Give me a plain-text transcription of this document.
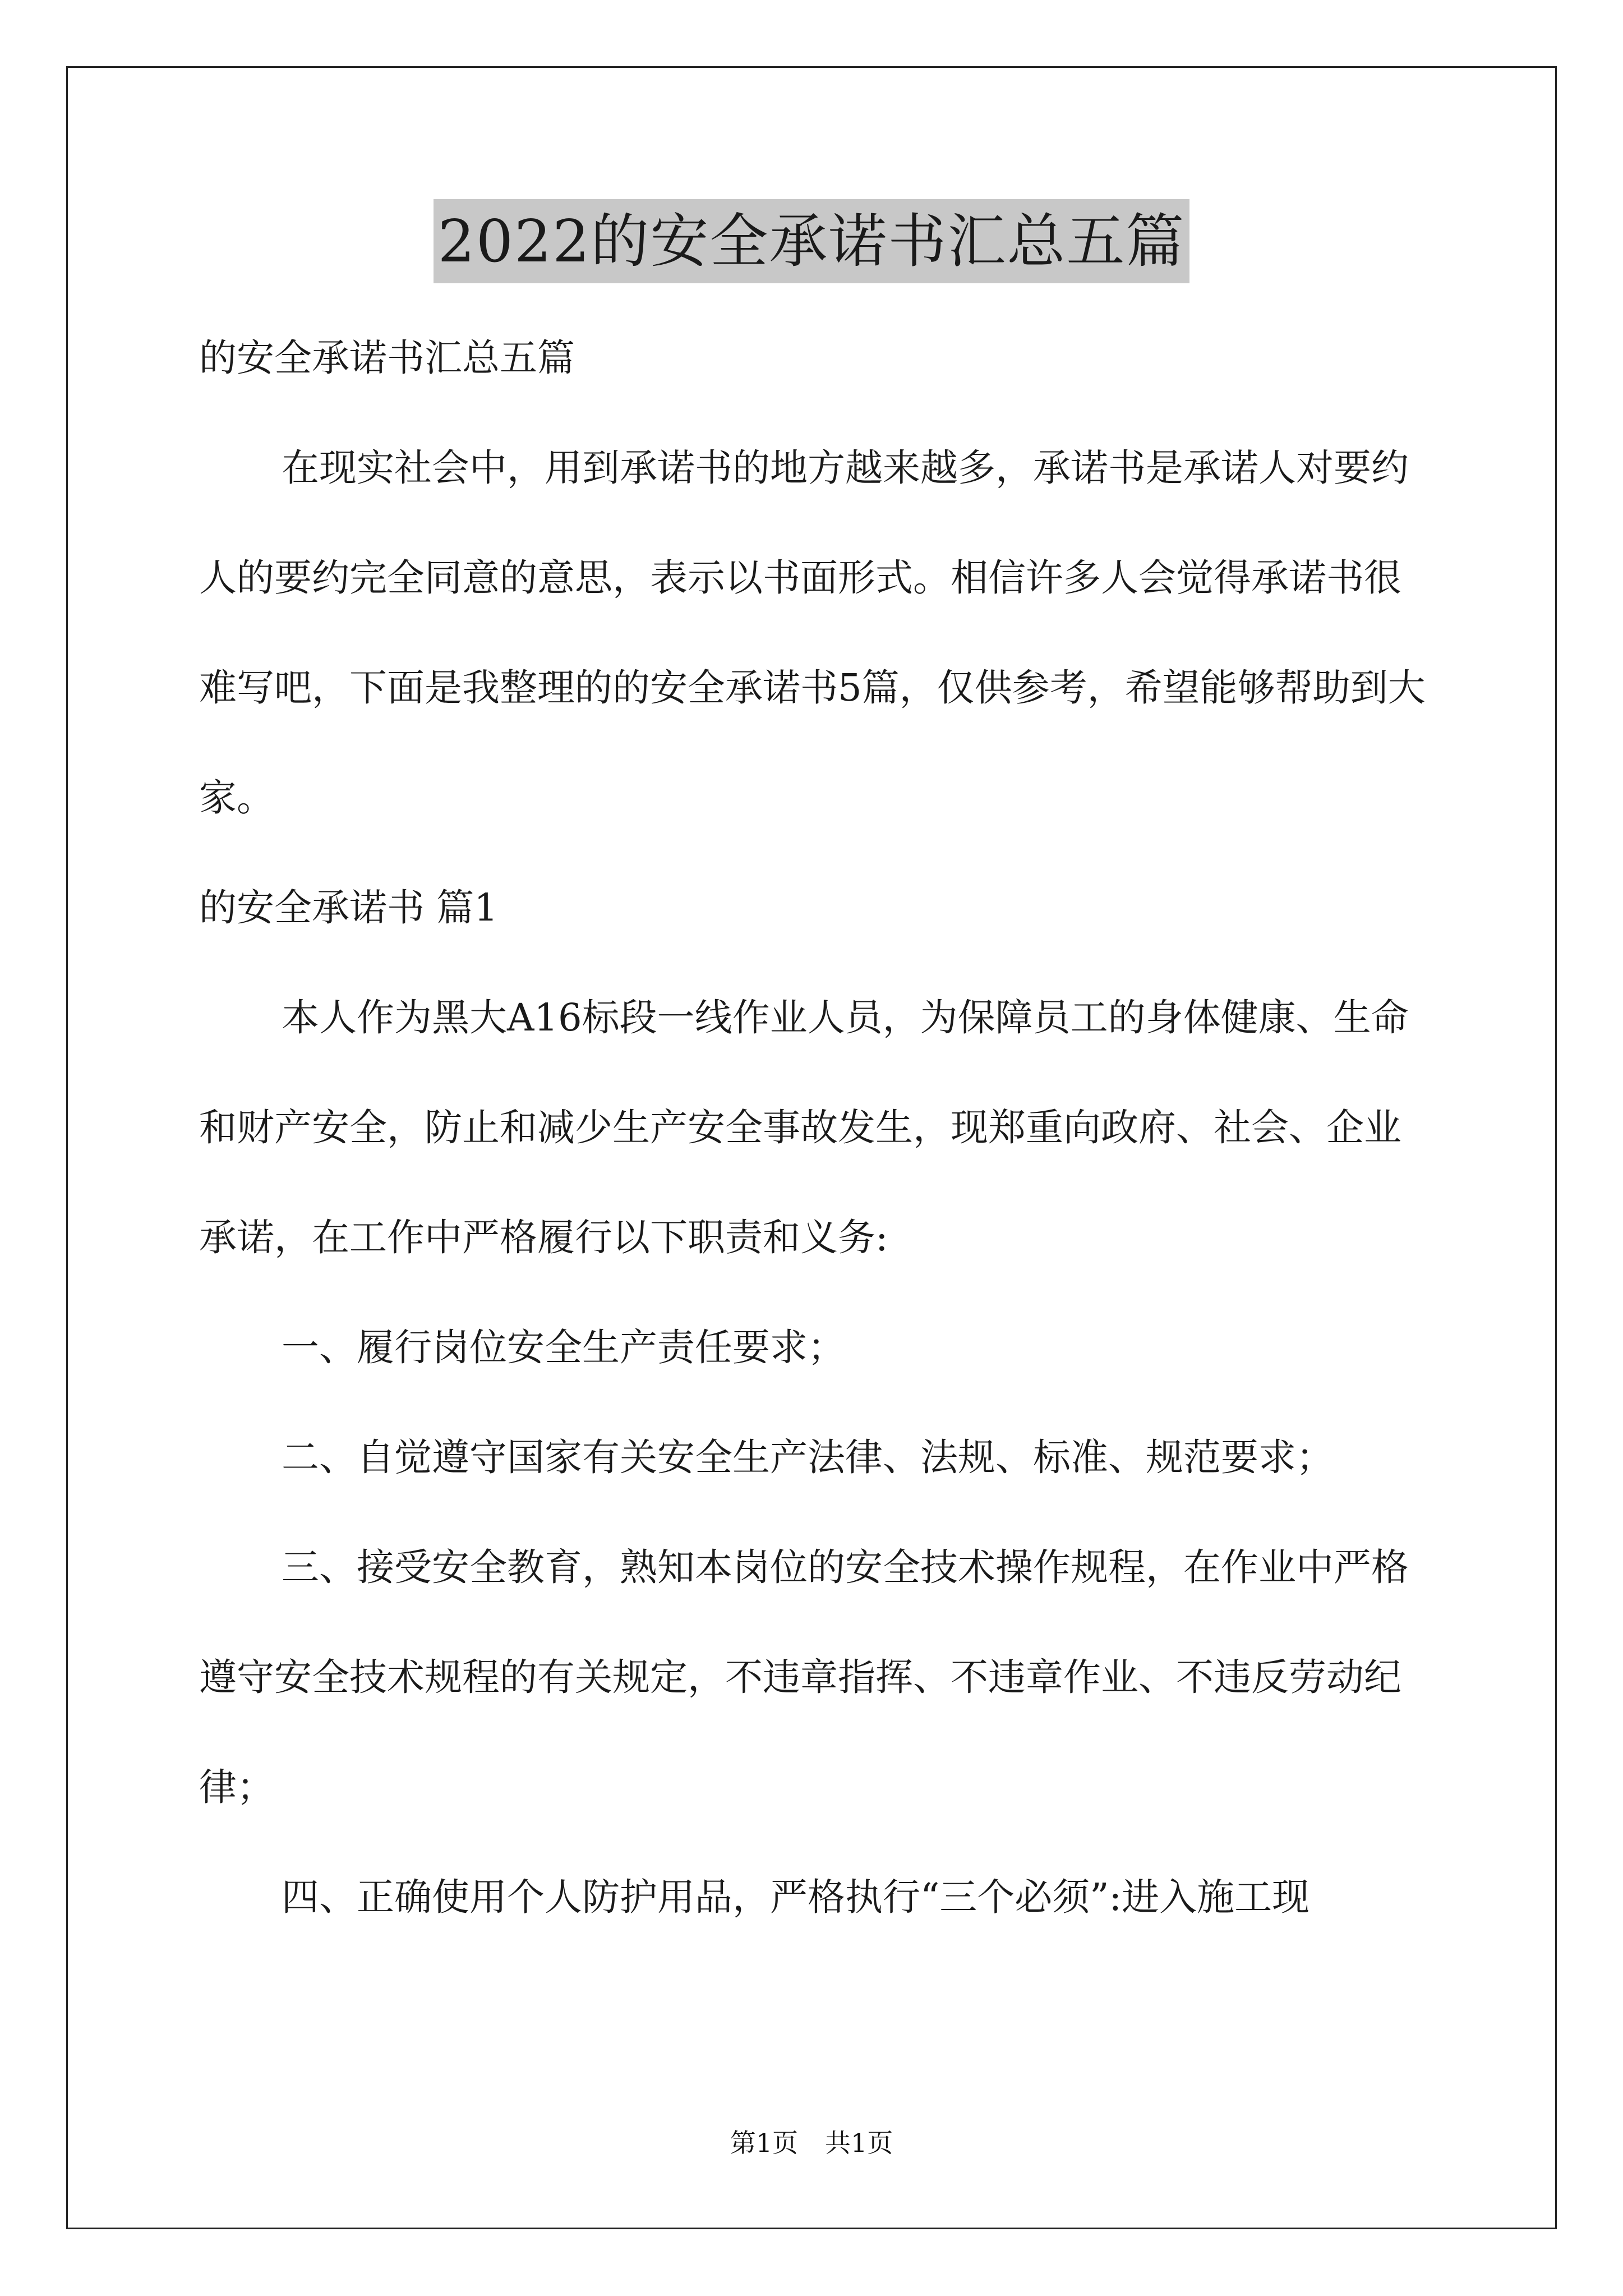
2022的安全承诺书汇总五篇

的安全承诺书汇总五篇

在现实社会中，用到承诺书的地方越来越多，承诺书是承诺人对要约人的要约完全同意的意思，表示以书面形式。相信许多人会觉得承诺书很难写吧，下面是我整理的的安全承诺书5篇，仅供参考，希望能够帮助到大家。

的安全承诺书 篇1

本人作为黑大A16标段一线作业人员，为保障员工的身体健康、生命和财产安全，防止和减少生产安全事故发生，现郑重向政府、社会、企业承诺，在工作中严格履行以下职责和义务:

一、履行岗位安全生产责任要求；

二、自觉遵守国家有关安全生产法律、法规、标准、规范要求；

三、接受安全教育，熟知本岗位的安全技术操作规程，在作业中严格遵守安全技术规程的有关规定，不违章指挥、不违章作业、不违反劳动纪律；

四、正确使用个人防护用品，严格执行“三个必须”:进入施工现

第1页 共1页
